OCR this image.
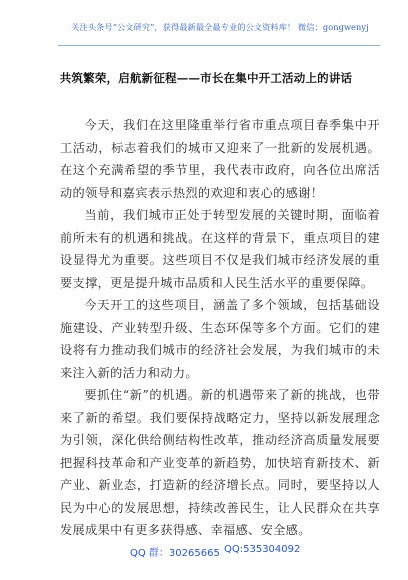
关注头条号“公文研究”，获得最新最全最专业的公文资料库！ 微信：gongwenyj
共筑繁荣，启航新征程——市长在集中开工活动上的讲话

今天，我们在这里隆重举行省市重点项目春季集中开工活动，标志着我们的城市又迎来了一批新的发展机遇。在这个充满希望的季节里，我代表市政府，向各位出席活动的领导和嘉宾表示热烈的欢迎和衷心的感谢！

当前，我们城市正处于转型发展的关键时期，面临着前所未有的机遇和挑战。在这样的背景下，重点项目的建设显得尤为重要。这些项目不仅是我们城市经济发展的重要支撑，更是提升城市品质和人民生活水平的重要保障。

今天开工的这些项目，涵盖了多个领域，包括基础设施建设、产业转型升级、生态环保等多个方面。它们的建设将有力推动我们城市的经济社会发展，为我们城市的未来注入新的活力和动力。

要抓住“新”的机遇。新的机遇带来了新的挑战，也带来了新的希望。我们要保持战略定力，坚持以新发展理念为引领，深化供给侧结构性改革，推动经济高质量发展要把握科技革命和产业变革的新趋势，加快培育新技术、新产业、新业态，打造新的经济增长点。同时，要坚持以人民为中心的发展思想，持续改善民生，让人民群众在共享发展成果中有更多获得感、幸福感、安全感。

QQ 群：30265665 QQ:535304092
